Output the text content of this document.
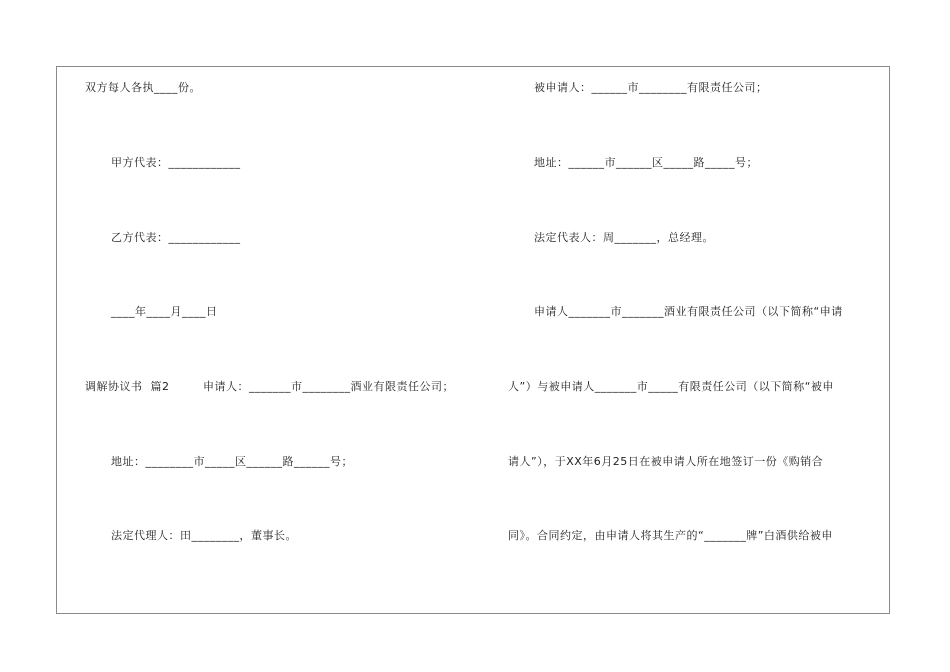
双方每人各执____份。
甲方代表：____________
乙方代表：____________
____年____月____日
调解协议书  篇2	申请人：_______市________酒业有限责任公司；
地址：________市_____区______路______号；
法定代理人：田________，董事长。
被申请人：______市________有限责任公司；
地址：______市______区_____路_____号；
法定代表人：周_______，总经理。
申请人_______市_______酒业有限责任公司（以下简称“申请
人”）与被申请人_______市_____有限责任公司（以下简称“被申
请人”），于XX年6月25日在被申请人所在地签订一份《购销合
同》。合同约定，由申请人将其生产的“_______牌”白酒供给被申
